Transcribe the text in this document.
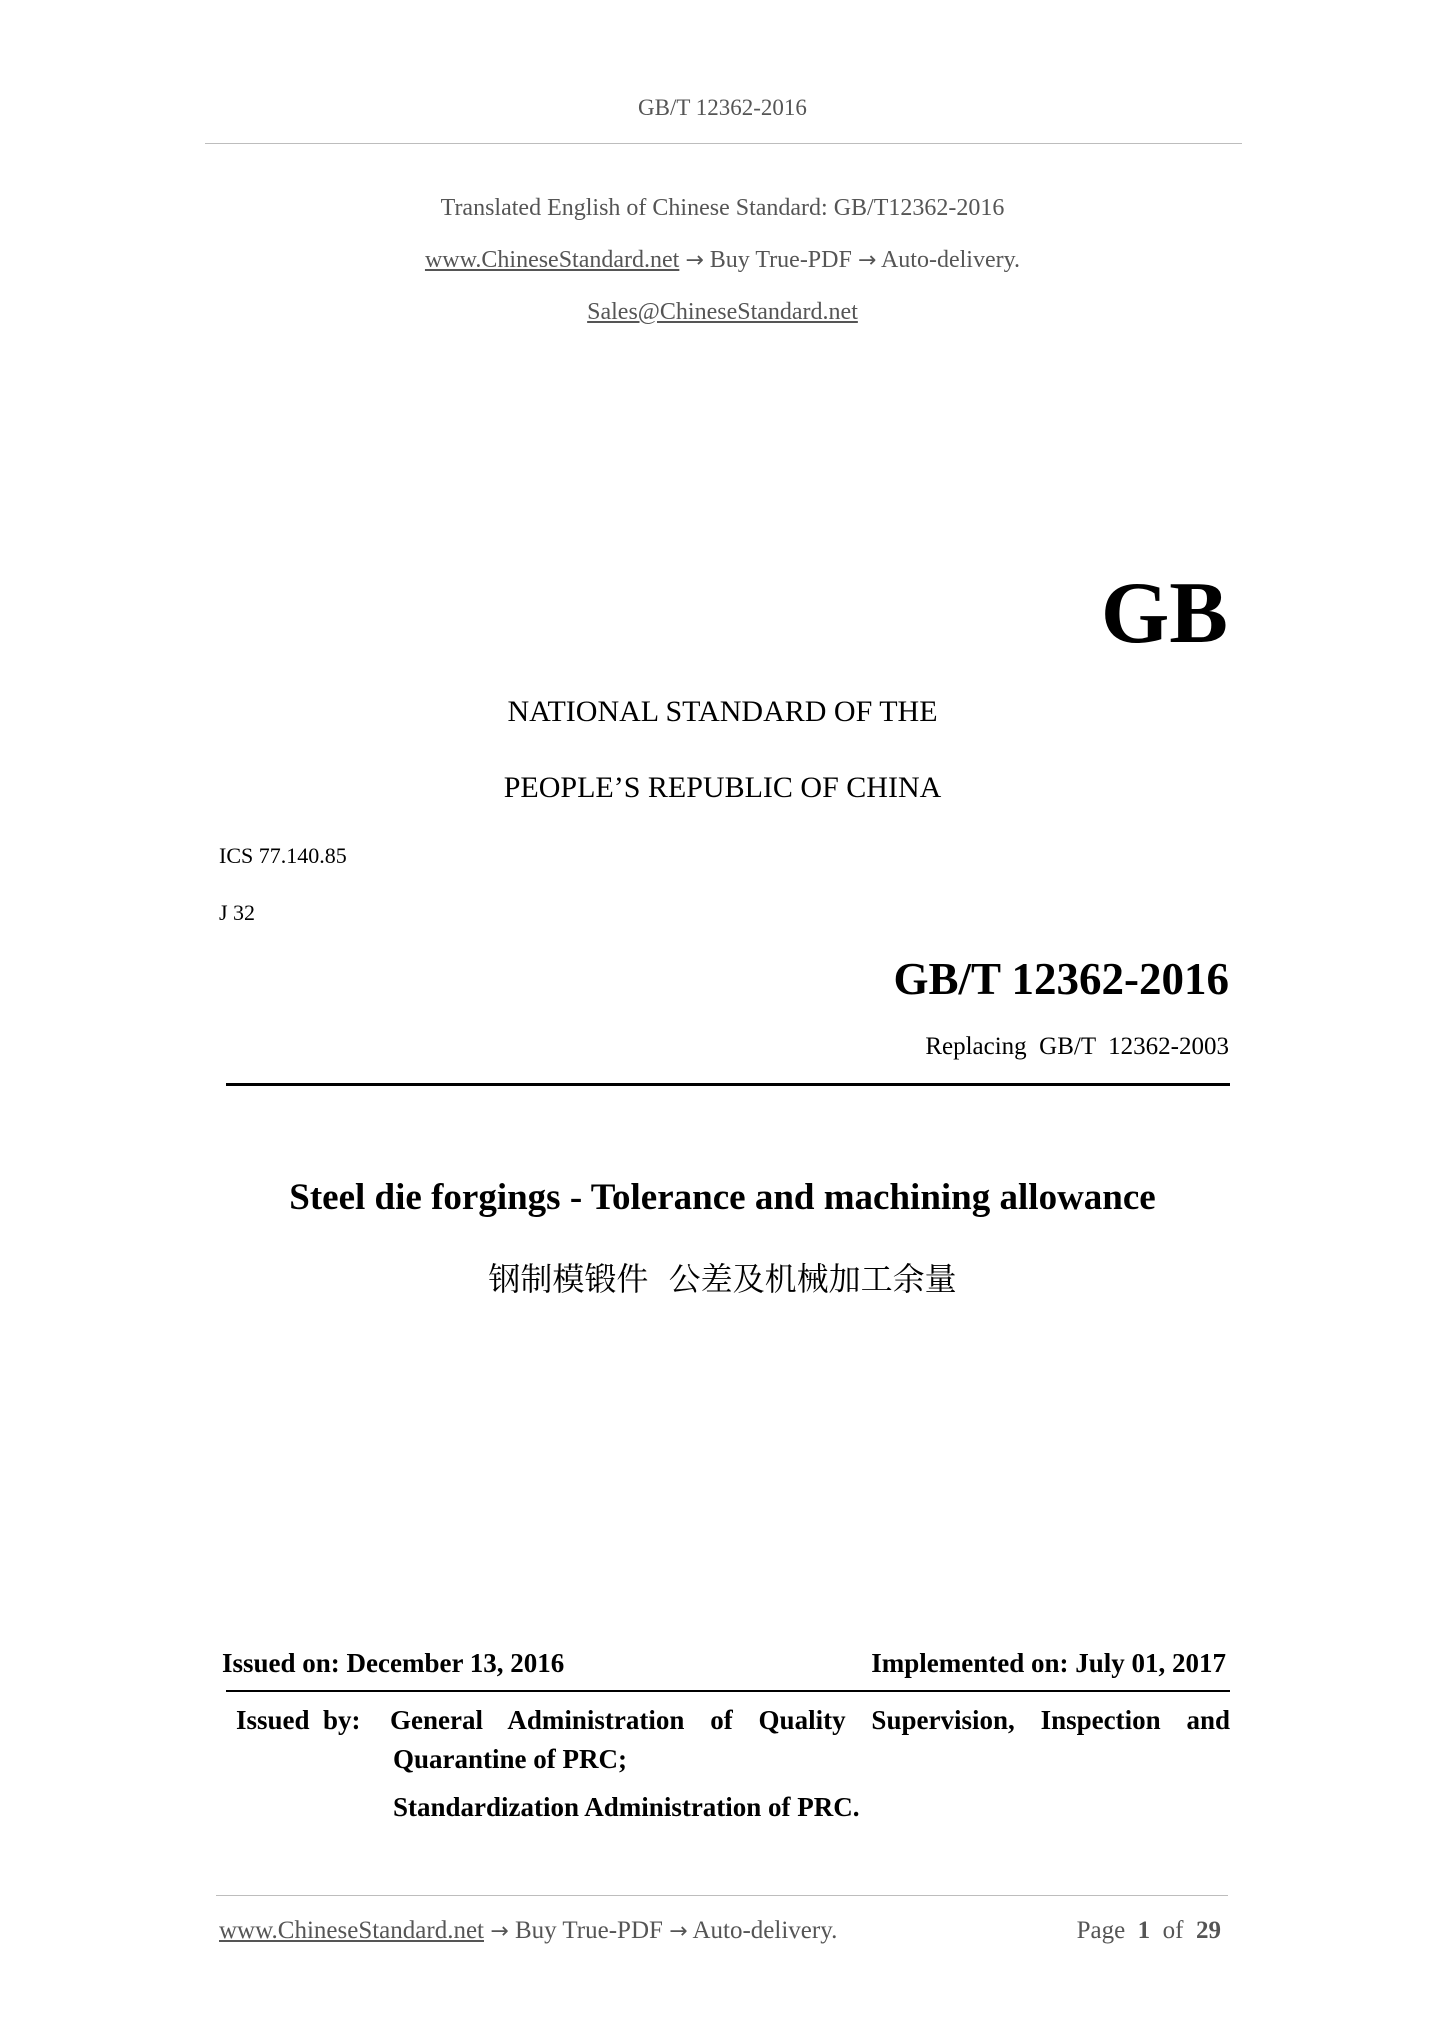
GB/T 12362-2016
Translated English of Chinese Standard: GB/T12362-2016
www.ChineseStandard.net → Buy True-PDF → Auto-delivery.
Sales@ChineseStandard.net
GB
NATIONAL STANDARD OF THE
PEOPLE’S REPUBLIC OF CHINA
ICS 77.140.85
J 32
GB/T 12362-2016
Replacing  GB/T  12362-2003
Steel die forgings - Tolerance and machining allowance
钢制模锻件  公差及机械加工余量
Issued on: December 13, 2016	Implemented on: July 01, 2017
Issued  by: General Administration of Quality Supervision, Inspection and
Quarantine of PRC;
Standardization Administration of PRC.
www.ChineseStandard.net → Buy True-PDF → Auto-delivery.	Page 1 of 29
